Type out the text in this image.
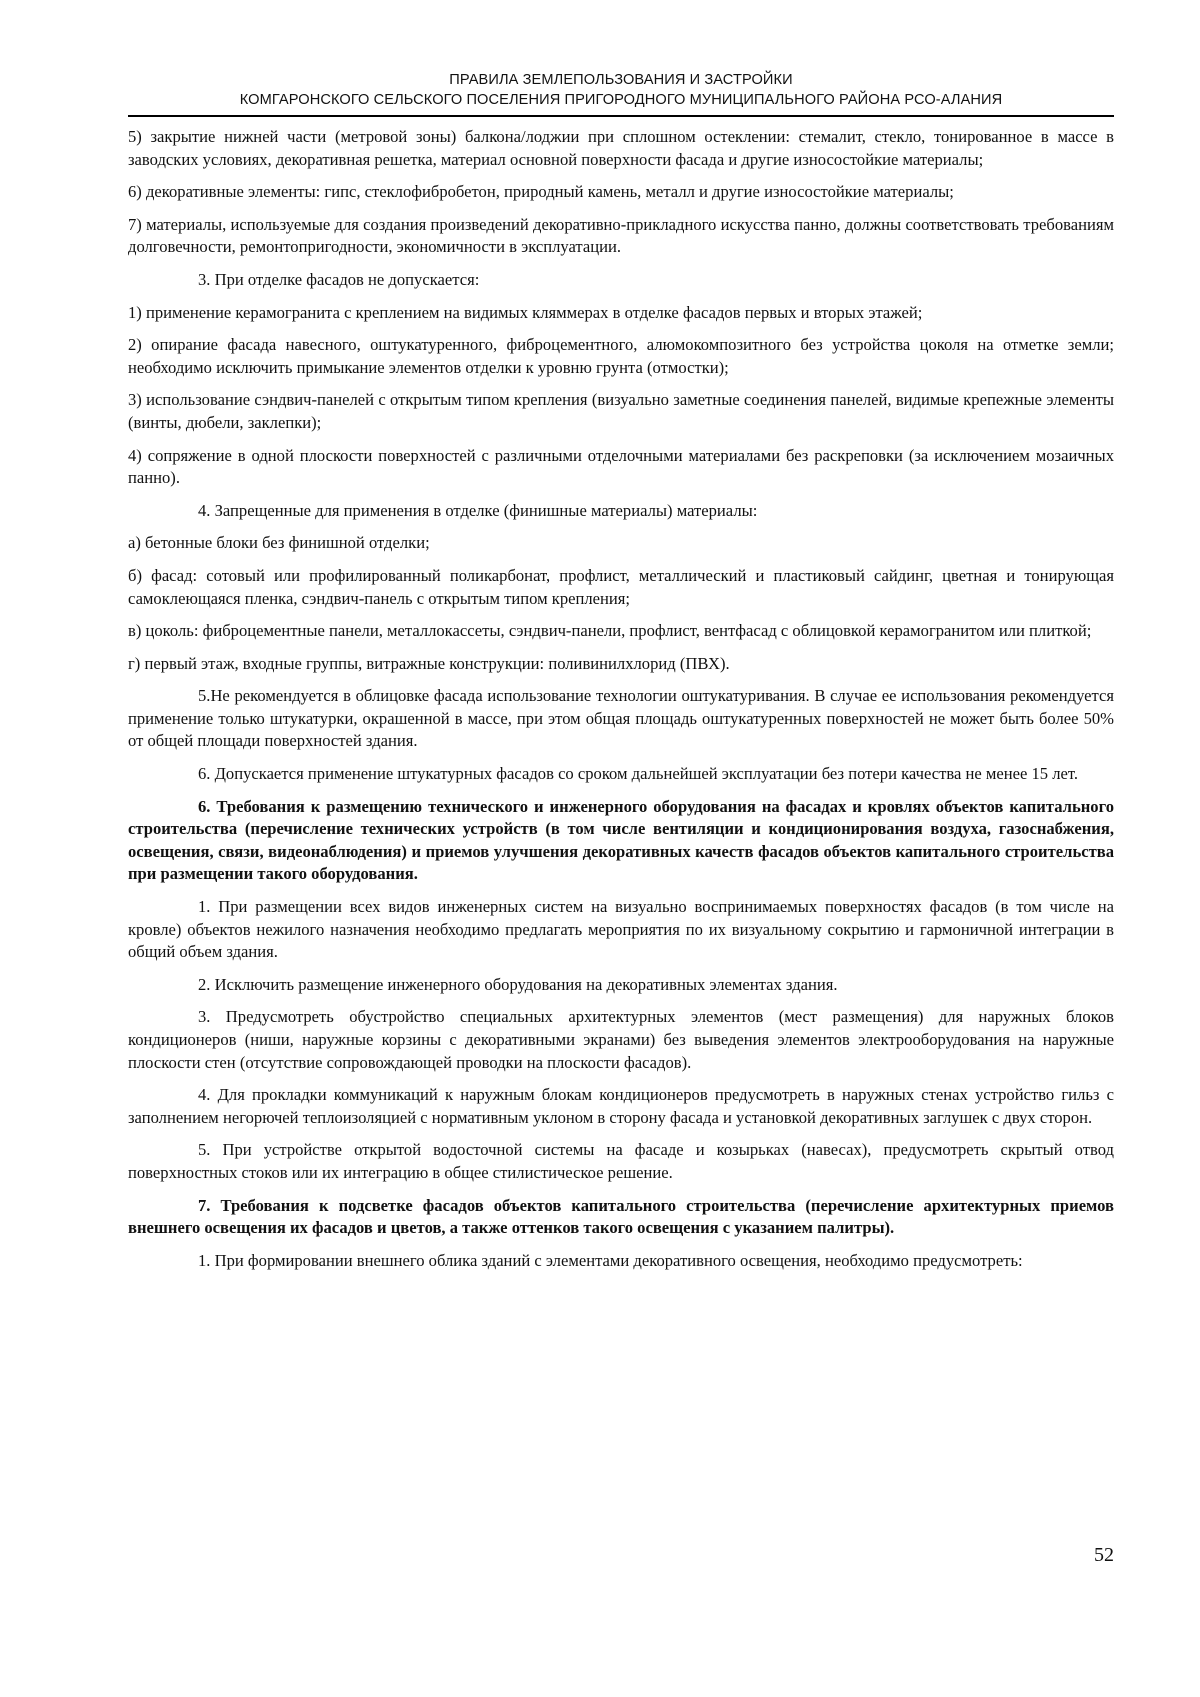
ПРАВИЛА ЗЕМЛЕПОЛЬЗОВАНИЯ И ЗАСТРОЙКИ
КОМГАРОНСКОГО СЕЛЬСКОГО ПОСЕЛЕНИЯ ПРИГОРОДНОГО МУНИЦИПАЛЬНОГО РАЙОНА РСО-АЛАНИЯ

5) закрытие нижней части (метровой зоны) балкона/лоджии при сплошном остеклении: стемалит, стекло, тонированное в массе в заводских условиях, декоративная решетка, материал основной поверхности фасада и другие износостойкие материалы;

6) декоративные элементы: гипс, стеклофибробетон, природный камень, металл и другие износостойкие материалы;

7) материалы, используемые для создания произведений декоративно-прикладного искусства панно, должны соответствовать требованиям долговечности, ремонтопригодности, экономичности в эксплуатации.

3. При отделке фасадов не допускается:

1) применение керамогранита с креплением на видимых кляммерах в отделке фасадов первых и вторых этажей;

2) опирание фасада навесного, оштукатуренного, фиброцементного, алюмокомпозитного без устройства цоколя на отметке земли; необходимо исключить примыкание элементов отделки к уровню грунта (отмостки);

3) использование сэндвич-панелей с открытым типом крепления (визуально заметные соединения панелей, видимые крепежные элементы (винты, дюбели, заклепки);

4) сопряжение в одной плоскости поверхностей с различными отделочными материалами без раскреповки (за исключением мозаичных панно).

4. Запрещенные для применения в отделке (финишные материалы) материалы:

а) бетонные блоки без финишной отделки;

б) фасад: сотовый или профилированный поликарбонат, профлист, металлический и пластиковый сайдинг, цветная и тонирующая самоклеющаяся пленка, сэндвич-панель с открытым типом крепления;

в) цоколь: фиброцементные панели, металлокассеты, сэндвич-панели, профлист, вентфасад с облицовкой керамогранитом или плиткой;

г) первый этаж, входные группы, витражные конструкции: поливинилхлорид (ПВХ).

5.Не рекомендуется в облицовке фасада использование технологии оштукатуривания. В случае ее использования рекомендуется применение только штукатурки, окрашенной в массе, при этом общая площадь оштукатуренных поверхностей не может быть более 50% от общей площади поверхностей здания.

6. Допускается применение штукатурных фасадов со сроком дальнейшей эксплуатации без потери качества не менее 15 лет.

6. Требования к размещению технического и инженерного оборудования на фасадах и кровлях объектов капитального строительства (перечисление технических устройств (в том числе вентиляции и кондиционирования воздуха, газоснабжения, освещения, связи, видеонаблюдения) и приемов улучшения декоративных качеств фасадов объектов капитального строительства при размещении такого оборудования.

1. При размещении всех видов инженерных систем на визуально воспринимаемых поверхностях фасадов (в том числе на кровле) объектов нежилого назначения необходимо предлагать мероприятия по их визуальному сокрытию и гармоничной интеграции в общий объем здания.

2. Исключить размещение инженерного оборудования на декоративных элементах здания.

3. Предусмотреть обустройство специальных архитектурных элементов (мест размещения) для наружных блоков кондиционеров (ниши, наружные корзины с декоративными экранами) без выведения элементов электрооборудования на наружные плоскости стен (отсутствие сопровождающей проводки на плоскости фасадов).

4. Для прокладки коммуникаций к наружным блокам кондиционеров предусмотреть в наружных стенах устройство гильз с заполнением негорючей теплоизоляцией с нормативным уклоном в сторону фасада и установкой декоративных заглушек с двух сторон.

5. При устройстве открытой водосточной системы на фасаде и козырьках (навесах), предусмотреть скрытый отвод поверхностных стоков или их интеграцию в общее стилистическое решение.

7. Требования к подсветке фасадов объектов капитального строительства (перечисление архитектурных приемов внешнего освещения их фасадов и цветов, а также оттенков такого освещения с указанием палитры).

1. При формировании внешнего облика зданий с элементами декоративного освещения, необходимо предусмотреть:

52
